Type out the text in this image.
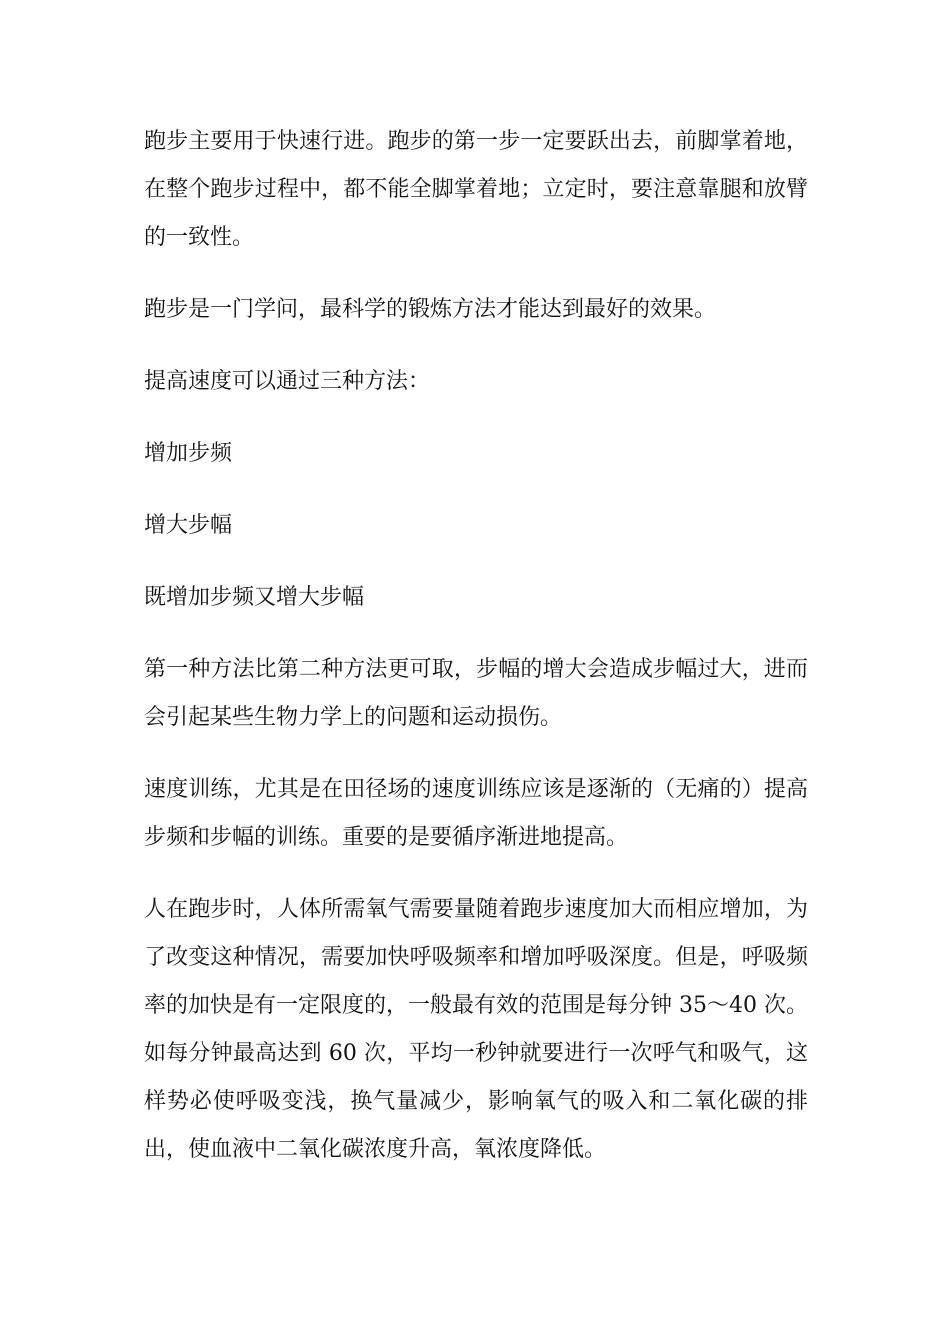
跑步主要用于快速行进。跑步的第一步一定要跃出去，前脚掌着地，在整个跑步过程中，都不能全脚掌着地；立定时，要注意靠腿和放臂的一致性。

跑步是一门学问，最科学的锻炼方法才能达到最好的效果。

提高速度可以通过三种方法：

增加步频

增大步幅

既增加步频又增大步幅

第一种方法比第二种方法更可取，步幅的增大会造成步幅过大，进而会引起某些生物力学上的问题和运动损伤。

速度训练，尤其是在田径场的速度训练应该是逐渐的（无痛的）提高步频和步幅的训练。重要的是要循序渐进地提高。

人在跑步时，人体所需氧气需要量随着跑步速度加大而相应增加，为了改变这种情况，需要加快呼吸频率和增加呼吸深度。但是，呼吸频率的加快是有一定限度的，一般最有效的范围是每分钟 35～40 次。如每分钟最高达到 60 次，平均一秒钟就要进行一次呼气和吸气，这样势必使呼吸变浅，换气量减少，影响氧气的吸入和二氧化碳的排出，使血液中二氧化碳浓度升高，氧浓度降低。
